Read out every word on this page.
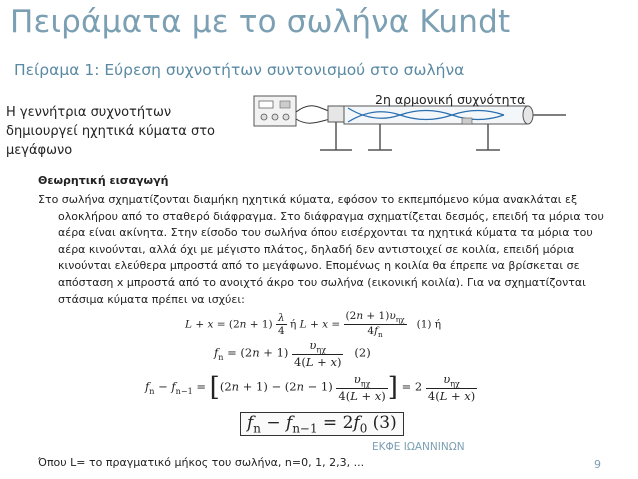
Πειράματα με το σωλήνα Kundt
Πείραμα 1: Εύρεση συχνοτήτων συντονισμού στο σωλήνα
Η γεννήτρια συχνοτήτων δημιουργεί ηχητικά κύματα στο μεγάφωνο
2η αρμονική συχνότητα
Θεωρητική εισαγωγή

Στο σωλήνα σχηματίζονται διαμήκη ηχητικά κύματα, εφόσον το εκπεμπόμενο κύμα ανακλάται εξ ολοκλήρου από το σταθερό διάφραγμα. Στο διάφραγμα σχηματίζεται δεσμός, επειδή τα μόρια του αέρα είναι ακίνητα. Στην είσοδο του σωλήνα όπου εισέρχονται τα ηχητικά κύματα τα μόρια του αέρα κινούνται, αλλά όχι με μέγιστο πλάτος, δηλαδή δεν αντιστοιχεί σε κοιλία, επειδή μόρια κινούνται ελεύθερα μπροστά από το μεγάφωνο. Επομένως η κοιλία θα έπρεπε να βρίσκεται σε απόσταση x μπροστά από το ανοιχτό άκρο του σωλήνα (εικονική κοιλία). Για να σχηματίζονται στάσιμα κύματα πρέπει να ισχύει:

$L + x = (2n + 1) \frac{\lambda}{4}$ ή $L + x = \frac{(2n + 1)\upsilon_{\eta\chi}}{4f_n} (1)$ ή
$f_n = (2n + 1) \frac{\upsilon_{\eta\chi}}{4(L + x)} (2)$
$f_n - f_{n-1} = [(2n + 1) - (2n - 1) \frac{\upsilon_{\eta\chi}}{4(L + x)}$ ] = $2 \frac{\upsilon_{\eta\chi}}{4(L + x)}$
$f_n - f_{n-1} = 2f_0$ (3)
ΕΚΦΕ ΙΩΑΝΝΙΝΩΝ
Όπου L= το πραγματικό μήκος του σωλήνα, n=0, 1, 2,3, ...	9
